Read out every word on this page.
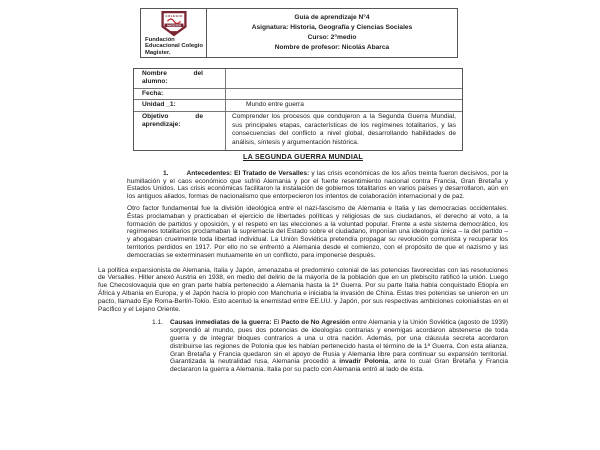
COLEGIO
MAGISTER
Fundación Educacional Colegio Magister.
Guía de aprendizaje N°4
Asignatura: Historia, Geografía y Ciencias Sociales
Curso: 2°medio
Nombre de profesor: Nicolás Abarca
Nombre del alumno:
Fecha:
Unidad _1:	Mundo entre guerra
Objetivo de aprendizaje:
Comprender los procesos que condujeron a la Segunda Guerra Mundial, sus principales etapas, características de los regímenes totalitarios, y las consecuencias del conflicto a nivel global, desarrollando habilidades de análisis, síntesis y argumentación histórica.
LA SEGUNDA GUERRA MUNDIAL

1.	Antecedentes: El Tratado de Versalles: y las crisis económicas de los años treinta fueron decisivos, por la humillación y el caos económico que sufrió Alemania y por el fuerte resentimiento nacional contra Francia, Gran Bretaña y Estados Unidos. Las crisis económicas facilitaron la instalación de gobiernos totalitarios en varios países y desarrollaron, aún en los antiguos aliados, formas de nacionalismo que entorpecieron los intentos de colaboración internacional y de paz.

Otro factor fundamental fue la división ideológica entre el nazi-fascismo de Alemania e Italia y las democracias occidentales. Éstas proclamaban y practicaban el ejercicio de libertades políticas y religiosas de sus ciudadanos, el derecho al voto, a la formación de partidos y oposición, y el respeto en las elecciones a la voluntad popular. Frente a este sistema democrático, los regímenes totalitarios proclamaban la supremacía del Estado sobre el ciudadano, imponían una ideología única – la del partido – y ahogaban cruelmente toda libertad individual. La Unión Soviética pretendía propagar su revolución comunista y recuperar los territorios perdidos en 1917. Por ello no se enfrentó a Alemania desde el comienzo, con el propósito de que el nazismo y las democracias se exterminasen mutuamente en un conflicto, para imponerse después.

La política expansionista de Alemania, Italia y Japón, amenazaba el predominio colonial de las potencias favorecidas con las resoluciones de Versalles. Hitler anexó Austria en 1938, en medio del delirio de la mayoría de la población que en un plebiscito ratificó la unión. Luego fue Checoslovaquia que en gran parte había pertenecido a Alemania hasta la 1ª Guerra. Por su parte Italia había conquistado Etiopía en África y Albania en Europa, y el Japón hacía lo propio con Manchuria e iniciaba la invasión de China. Estas tres potencias se unieron en un pacto, llamado Eje Roma-Berlín-Tokio. Esto acentuó la enemistad entre EE.UU. y Japón, por sus respectivas ambiciones colonialistas en el Pacífico y el Lejano Oriente.

1.1. Causas inmediatas de la guerra: El Pacto de No Agresión entre Alemania y la Unión Soviética (agosto de 1939) sorprendió al mundo, pues dos potencias de ideologías contrarias y enemigas acordaron abstenerse de toda guerra y de integrar bloques contrarios a una u otra nación. Además, por una cláusula secreta acordaron distribuirse las regiones de Polonia que les habían pertenecido hasta el término de la 1ª Guerra. Con esta alianza, Gran Bretaña y Francia quedaron sin el apoyo de Rusia y Alemania libre para continuar su expansión territorial. Garantizada la neutralidad rusa, Alemania procedió a invadir Polonia, ante lo cual Gran Bretaña y Francia declararon la guerra a Alemania. Italia por su pacto con Alemania entró al lado de ésta.
